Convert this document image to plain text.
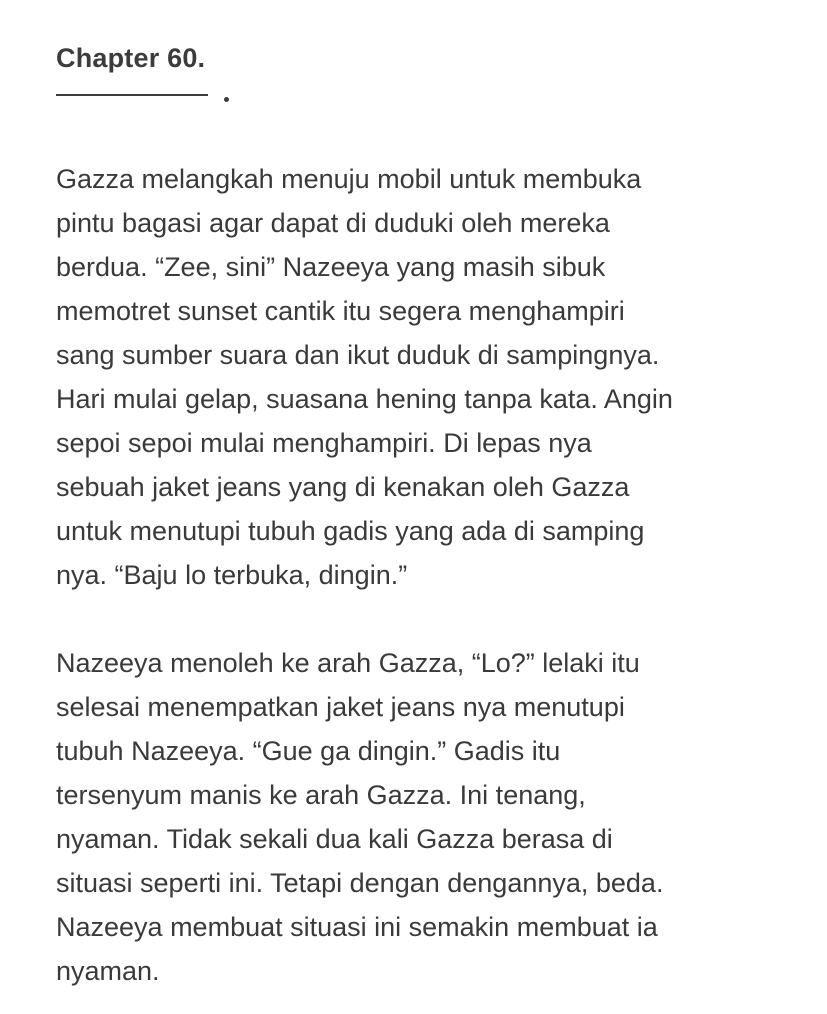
Chapter 60.

Gazza melangkah menuju mobil untuk membuka
pintu bagasi agar dapat di duduki oleh mereka
berdua. “Zee, sini” Nazeeya yang masih sibuk
memotret sunset cantik itu segera menghampiri
sang sumber suara dan ikut duduk di sampingnya.
Hari mulai gelap, suasana hening tanpa kata. Angin
sepoi sepoi mulai menghampiri. Di lepas nya
sebuah jaket jeans yang di kenakan oleh Gazza
untuk menutupi tubuh gadis yang ada di samping
nya. “Baju lo terbuka, dingin.”

Nazeeya menoleh ke arah Gazza, “Lo?” lelaki itu
selesai menempatkan jaket jeans nya menutupi
tubuh Nazeeya. “Gue ga dingin.” Gadis itu
tersenyum manis ke arah Gazza. Ini tenang,
nyaman. Tidak sekali dua kali Gazza berasa di
situasi seperti ini. Tetapi dengan dengannya, beda.
Nazeeya membuat situasi ini semakin membuat ia
nyaman.
